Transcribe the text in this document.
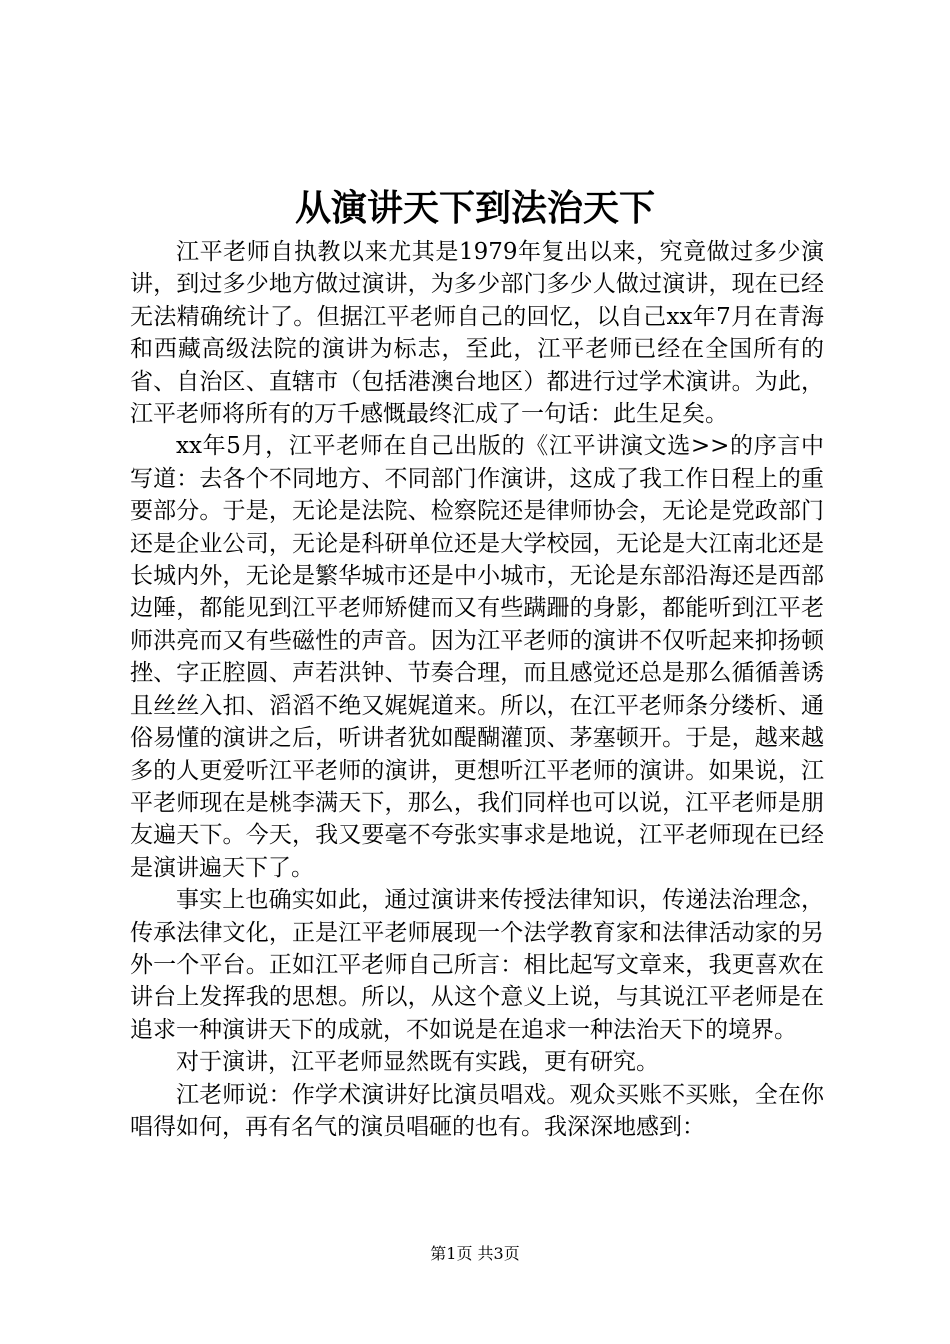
从演讲天下到法治天下

江平老师自执教以来尤其是1979年复出以来，究竟做过多少演讲，到过多少地方做过演讲，为多少部门多少人做过演讲，现在已经无法精确统计了。但据江平老师自己的回忆，以自己xx年7月在青海和西藏高级法院的演讲为标志，至此，江平老师已经在全国所有的省、自治区、直辖市（包括港澳台地区）都进行过学术演讲。为此，江平老师将所有的万千感慨最终汇成了一句话：此生足矣。

xx年5月，江平老师在自己出版的《江平讲演文选>>的序言中写道：去各个不同地方、不同部门作演讲，这成了我工作日程上的重要部分。于是，无论是法院、检察院还是律师协会，无论是党政部门还是企业公司，无论是科研单位还是大学校园，无论是大江南北还是长城内外，无论是繁华城市还是中小城市，无论是东部沿海还是西部边陲，都能见到江平老师矫健而又有些蹒跚的身影，都能听到江平老师洪亮而又有些磁性的声音。因为江平老师的演讲不仅听起来抑扬顿挫、字正腔圆、声若洪钟、节奏合理，而且感觉还总是那么循循善诱且丝丝入扣、滔滔不绝又娓娓道来。所以，在江平老师条分缕析、通俗易懂的演讲之后，听讲者犹如醍醐灌顶、茅塞顿开。于是，越来越多的人更爱听江平老师的演讲，更想听江平老师的演讲。如果说，江平老师现在是桃李满天下，那么，我们同样也可以说，江平老师是朋友遍天下。今天，我又要毫不夸张实事求是地说，江平老师现在已经是演讲遍天下了。

事实上也确实如此，通过演讲来传授法律知识，传递法治理念，传承法律文化，正是江平老师展现一个法学教育家和法律活动家的另外一个平台。正如江平老师自己所言：相比起写文章来，我更喜欢在讲台上发挥我的思想。所以，从这个意义上说，与其说江平老师是在追求一种演讲天下的成就，不如说是在追求一种法治天下的境界。

对于演讲，江平老师显然既有实践，更有研究。

江老师说：作学术演讲好比演员唱戏。观众买账不买账，全在你唱得如何，再有名气的演员唱砸的也有。我深深地感到：

第1页 共3页
